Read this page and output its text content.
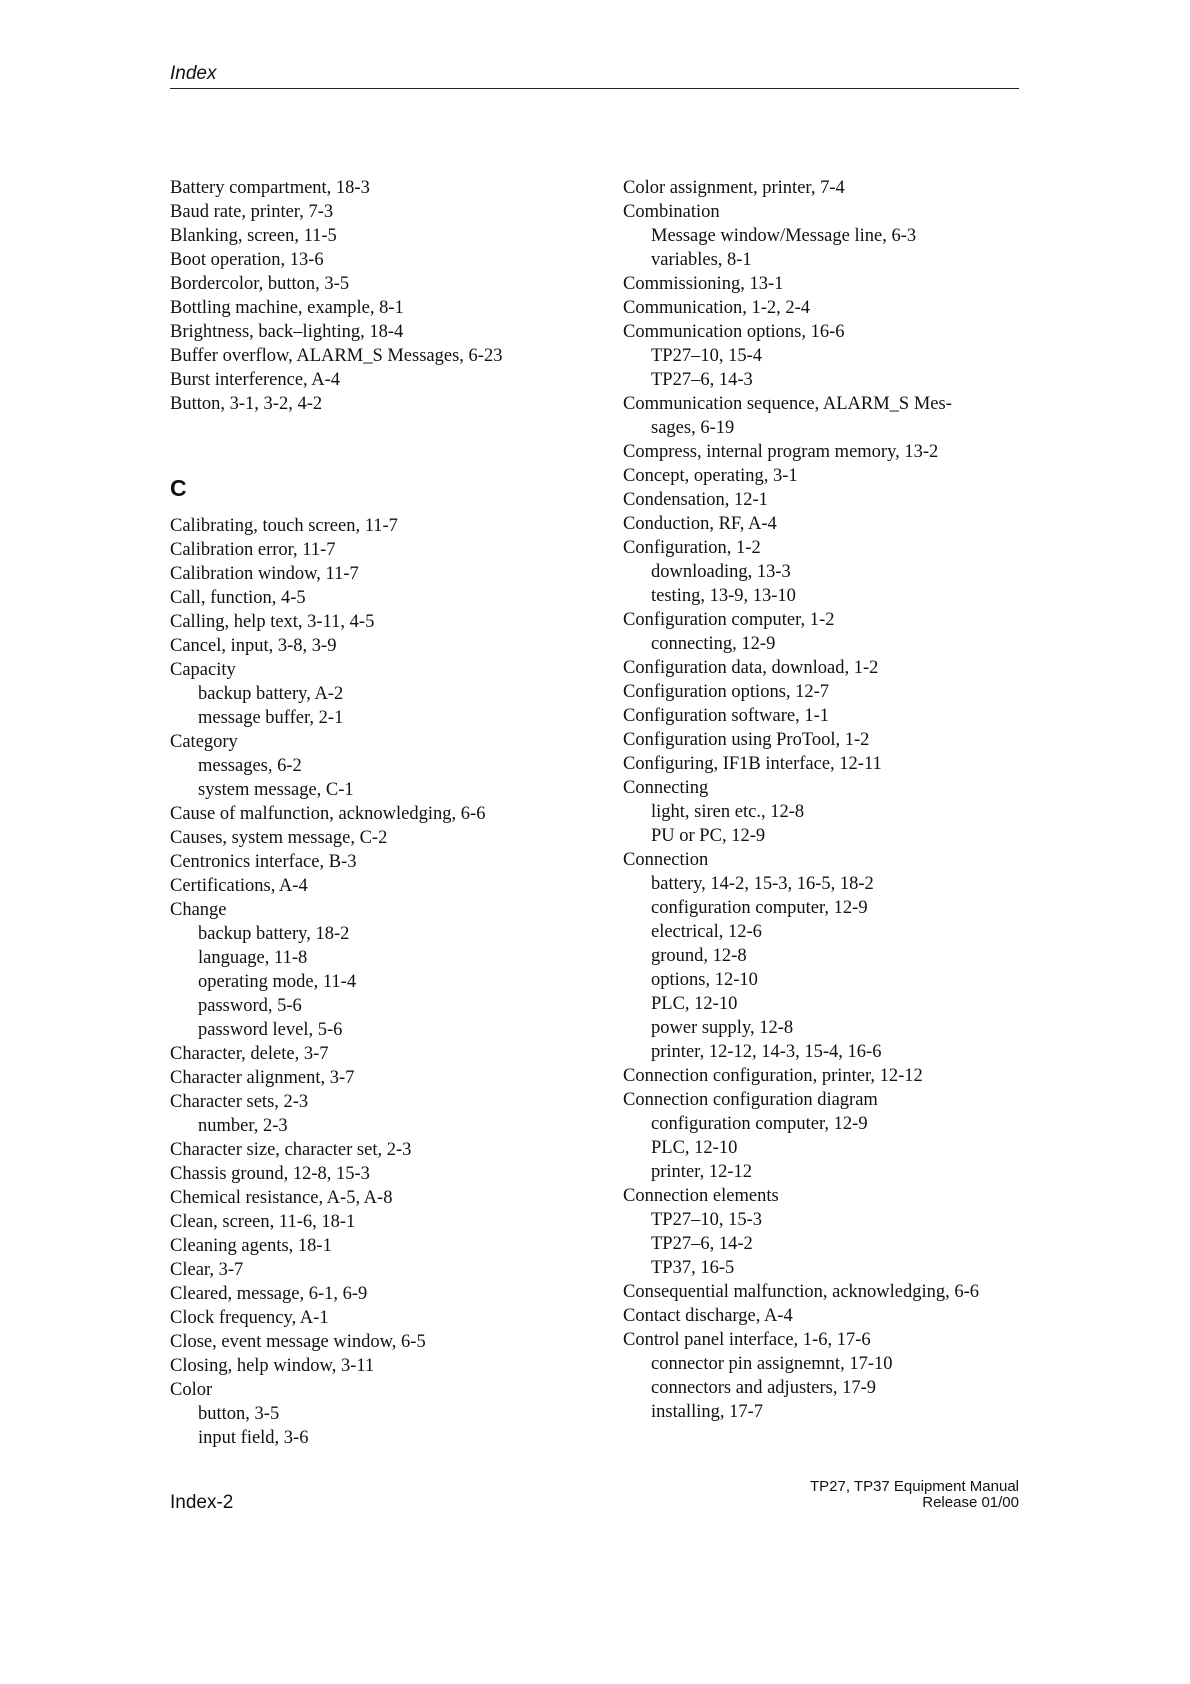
Index
Battery compartment, 18-3
Baud rate, printer, 7-3
Blanking, screen, 11-5
Boot operation, 13-6
Bordercolor, button, 3-5
Bottling machine, example, 8-1
Brightness, back–lighting, 18-4
Buffer overflow, ALARM_S Messages, 6-23
Burst interference, A-4
Button, 3-1, 3-2, 4-2
C
Calibrating, touch screen, 11-7
Calibration error, 11-7
Calibration window, 11-7
Call, function, 4-5
Calling, help text, 3-11, 4-5
Cancel, input, 3-8, 3-9
Capacity
backup battery, A-2
message buffer, 2-1
Category
messages, 6-2
system message, C-1
Cause of malfunction, acknowledging, 6-6
Causes, system message, C-2
Centronics interface, B-3
Certifications, A-4
Change
backup battery, 18-2
language, 11-8
operating mode, 11-4
password, 5-6
password level, 5-6
Character, delete, 3-7
Character alignment, 3-7
Character sets, 2-3
number, 2-3
Character size, character set, 2-3
Chassis ground, 12-8, 15-3
Chemical resistance, A-5, A-8
Clean, screen, 11-6, 18-1
Cleaning agents, 18-1
Clear, 3-7
Cleared, message, 6-1, 6-9
Clock frequency, A-1
Close, event message window, 6-5
Closing, help window, 3-11
Color
button, 3-5
input field, 3-6
Color assignment, printer, 7-4
Combination
Message window/Message line, 6-3
variables, 8-1
Commissioning, 13-1
Communication, 1-2, 2-4
Communication options, 16-6
TP27–10, 15-4
TP27–6, 14-3
Communication sequence, ALARM_S Mes-
sages, 6-19
Compress, internal program memory, 13-2
Concept, operating, 3-1
Condensation, 12-1
Conduction, RF, A-4
Configuration, 1-2
downloading, 13-3
testing, 13-9, 13-10
Configuration computer, 1-2
connecting, 12-9
Configuration data, download, 1-2
Configuration options, 12-7
Configuration software, 1-1
Configuration using ProTool, 1-2
Configuring, IF1B interface, 12-11
Connecting
light, siren etc., 12-8
PU or PC, 12-9
Connection
battery, 14-2, 15-3, 16-5, 18-2
configuration computer, 12-9
electrical, 12-6
ground, 12-8
options, 12-10
PLC, 12-10
power supply, 12-8
printer, 12-12, 14-3, 15-4, 16-6
Connection configuration, printer, 12-12
Connection configuration diagram
configuration computer, 12-9
PLC, 12-10
printer, 12-12
Connection elements
TP27–10, 15-3
TP27–6, 14-2
TP37, 16-5
Consequential malfunction, acknowledging, 6-6
Contact discharge, A-4
Control panel interface, 1-6, 17-6
connector pin assignemnt, 17-10
connectors and adjusters, 17-9
installing, 17-7
Index-2
TP27, TP37 Equipment Manual
Release 01/00
